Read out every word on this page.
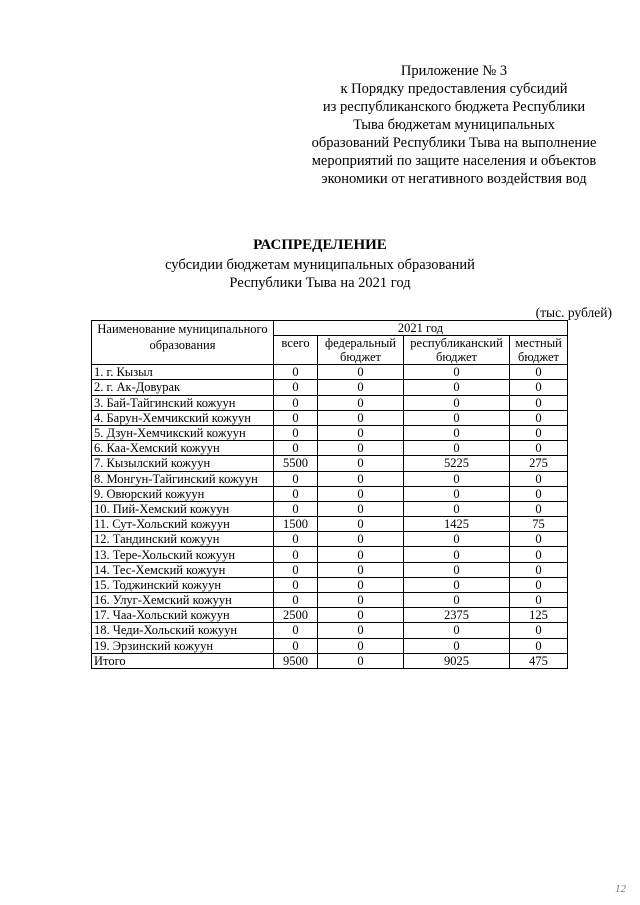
Приложение № 3
к Порядку предоставления субсидий
из республиканского бюджета Республики
Тыва бюджетам муниципальных
образований Республики Тыва на выполнение
мероприятий по защите населения и объектов
экономики от негативного воздействия вод
РАСПРЕДЕЛЕНИЕ
субсидии бюджетам муниципальных образований
Республики Тыва на 2021 год
(тыс. рублей)
Наименование муниципального образования	2021 год			
	всего	федеральный бюджет	республиканский бюджет	местный бюджет
1. г. Кызыл	0	0	0	0
2. г. Ак-Довурак	0	0	0	0
3. Бай-Тайгинский кожуун	0	0	0	0
4. Барун-Хемчикский кожуун	0	0	0	0
5. Дзун-Хемчикский кожуун	0	0	0	0
6. Каа-Хемский кожуун	0	0	0	0
7. Кызылский кожуун	5500	0	5225	275
8. Монгун-Тайгинский кожуун	0	0	0	0
9. Овюрский кожуун	0	0	0	0
10. Пий-Хемский кожуун	0	0	0	0
11. Сут-Хольский кожуун	1500	0	1425	75
12. Тандинский кожуун	0	0	0	0
13. Тере-Хольский кожуун	0	0	0	0
14. Тес-Хемский кожуун	0	0	0	0
15. Тоджинский кожуун	0	0	0	0
16. Улуг-Хемский кожуун	0	0	0	0
17. Чаа-Хольский кожуун	2500	0	2375	125
18. Чеди-Хольский кожуун	0	0	0	0
19. Эрзинский кожуун	0	0	0	0
Итого	9500	0	9025	475
12
